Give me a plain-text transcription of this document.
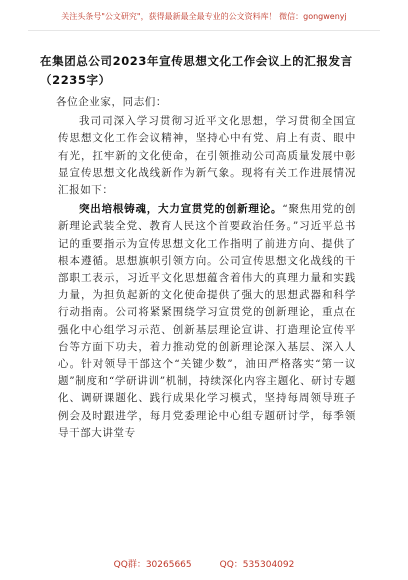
关注头条号"公文研究"，获得最新最全最专业的公文资料库！ 微信：gongwenyj
在集团总公司2023年宣传思想文化工作会议上的汇报发言
（2235字）
各位企业家，同志们：

我司司深入学习贯彻习近平文化思想，学习贯彻全国宣传思想文化工作会议精神，坚持心中有党、肩上有责、眼中有光，扛牢新的文化使命，在引领推动公司高质量发展中彰显宣传思想文化战线新作为新气象。现将有关工作进展情况汇报如下：

突出培根铸魂，大力宣贯党的创新理论。“聚焦用党的创新理论武装全党、教育人民这个首要政治任务。”习近平总书记的重要指示为宣传思想文化工作指明了前进方向、提供了根本遵循。思想旗帜引领方向。公司宣传思想文化战线的干部职工表示，习近平文化思想蕴含着伟大的真理力量和实践力量，为担负起新的文化使命提供了强大的思想武器和科学行动指南。公司将紧紧围绕学习宣贯党的创新理论，重点在强化中心组学习示范、创新基层理论宣讲、打造理论宣传平台等方面下功夫，着力推动党的创新理论深入基层、深入人心。针对领导干部这个“关键少数”，油田严格落实“第一议题”制度和“学研讲训”机制，持续深化内容主题化、研讨专题化、调研课题化、践行成果化学习模式，坚持每周领导班子例会及时跟进学，每月党委理论中心组专题研讨学，每季领导干部大讲堂专

QQ群：30265665	QQ：535304092
